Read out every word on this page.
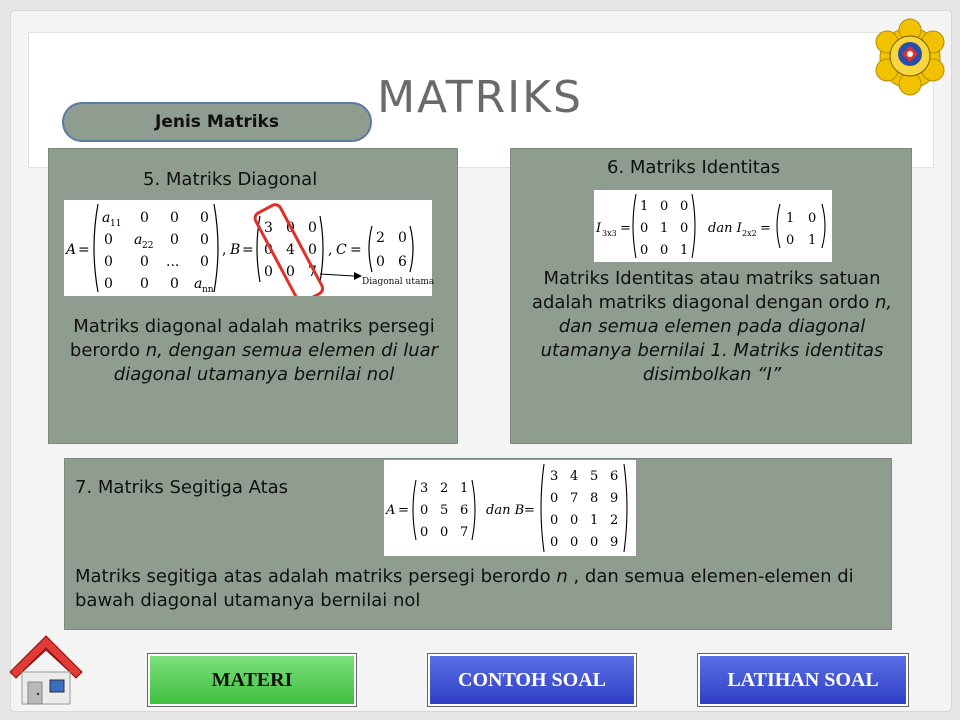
MATRIKS
Jenis Matriks
5. Matriks Diagonal
Matriks diagonal adalah matriks persegi berordo n, dengan semua elemen di luar diagonal utamanya bernilai nol
A =
a 11 0 0 0
0 a 22 0 0
0 0 ... 0
0 0 0 a nn
, B =
3 0 0
0 4 0
0 0 7
, C =
2 0
0 6
Diagonal utama
6. Matriks Identitas
Matriks Identitas atau matriks satuan adalah matriks diagonal dengan ordo n, dan semua elemen pada diagonal utamanya bernilai 1. Matriks identitas disimbolkan “I”
I 3x3 =
1 0 0
0 1 0
0 0 1
dan I 2x2 =
1 0
0 1
7. Matriks Segitiga Atas
Matriks segitiga atas adalah matriks persegi berordo n , dan semua elemen-elemen di bawah diagonal utamanya bernilai nol
A =
3 2 1
0 5 6
0 0 7
dan B =
3 4 5 6
0 7 8 9
0 0 1 2
0 0 0 9
MATERI	CONTOH SOAL	LATIHAN SOAL
